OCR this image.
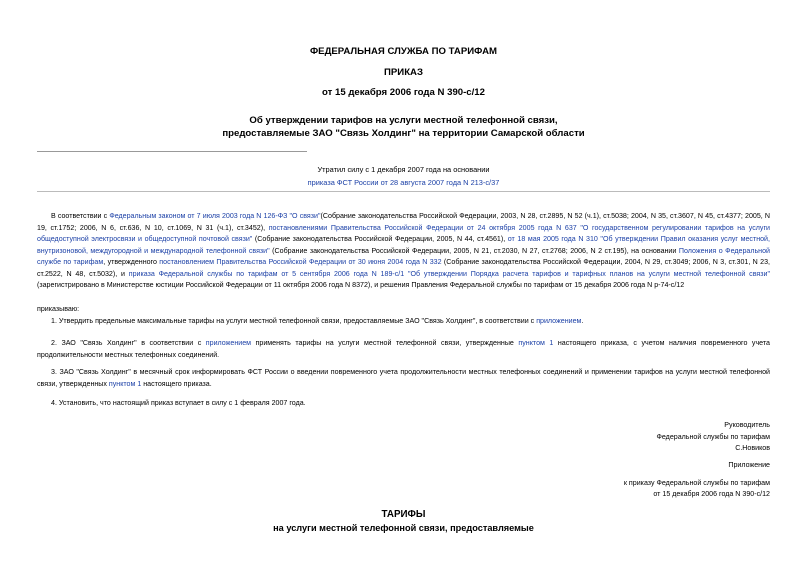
ФЕДЕРАЛЬНАЯ СЛУЖБА ПО ТАРИФАМ
ПРИКАЗ
от 15 декабря 2006 года N 390-с/12
Об утверждении тарифов на услуги местной телефонной связи,
предоставляемые ЗАО "Связь Холдинг" на территории Самарской области
Утратил силу с 1 декабря 2007 года на основании
приказа ФСТ России от 28 августа 2007 года N 213-с/37

В соответствии с Федеральным законом от 7 июля 2003 года N 126-ФЗ "О связи"(Собрание законодательства Российской Федерации, 2003, N 28, ст.2895, N 52 (ч.1), ст.5038; 2004, N 35, ст.3607, N 45, ст.4377; 2005, N 19, ст.1752; 2006, N 6, ст.636, N 10, ст.1069, N 31 (ч.1), ст.3452), постановлениями Правительства Российской Федерации от 24 октября 2005 года N 637 "О государственном регулировании тарифов на услуги общедоступной электросвязи и общедоступной почтовой связи" (Собрание законодательства Российской Федерации, 2005, N 44, ст.4561), от 18 мая 2005 года N 310 "Об утверждении Правил оказания услуг местной, внутризоновой, междугородной и международной телефонной связи" (Собрание законодательства Российской Федерации, 2005, N 21, ст.2030, N 27, ст.2768; 2006, N 2 ст.195), на основании Положения о Федеральной службе по тарифам, утвержденного постановлением Правительства Российской Федерации от 30 июня 2004 года N 332 (Собрание законодательства Российской Федерации, 2004, N 29, ст.3049; 2006, N 3, ст.301, N 23, ст.2522, N 48, ст.5032), и приказа Федеральной службы по тарифам от 5 сентября 2006 года N 189-с/1 "Об утверждении Порядка расчета тарифов и тарифных планов на услуги местной телефонной связи" (зарегистрировано в Министерстве юстиции Российской Федерации от 11 октября 2006 года N 8372), и решения Правления Федеральной службы по тарифам от 15 декабря 2006 года N р-74-с/12

приказываю:

1. Утвердить предельные максимальные тарифы на услуги местной телефонной связи, предоставляемые ЗАО "Связь Холдинг", в соответствии с приложением.

2. ЗАО "Связь Холдинг" в соответствии с приложением применять тарифы на услуги местной телефонной связи, утвержденные пунктом 1 настоящего приказа, с учетом наличия повременного учета продолжительности местных телефонных соединений.

3. ЗАО "Связь Холдинг" в месячный срок информировать ФСТ России о введении повременного учета продолжительности местных телефонных соединений и применении тарифов на услуги местной телефонной связи, утвержденных пунктом 1 настоящего приказа.

4. Установить, что настоящий приказ вступает в силу с 1 февраля 2007 года.

Руководитель
Федеральной службы по тарифам
С.Новиков
Приложение
к приказу Федеральной службы по тарифам
от 15 декабря 2006 года N 390-с/12
ТАРИФЫ
на услуги местной телефонной связи, предоставляемые
